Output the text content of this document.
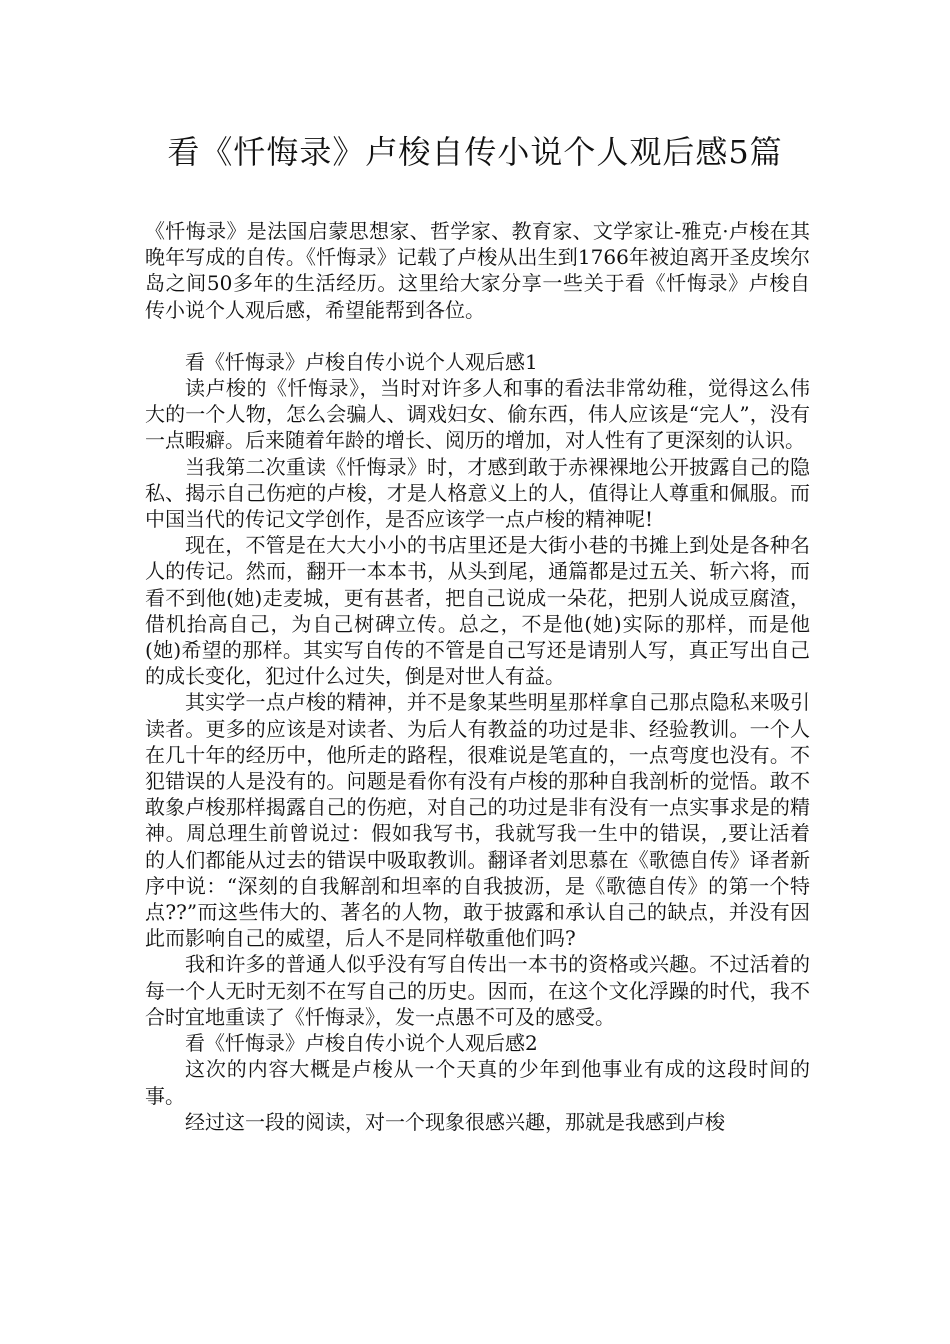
看《忏悔录》卢梭自传小说个人观后感5篇

《忏悔录》是法国启蒙思想家、哲学家、教育家、文学家让-雅克·卢梭在其晚年写成的自传。《忏悔录》记载了卢梭从出生到1766年被迫离开圣皮埃尔岛之间50多年的生活经历。这里给大家分享一些关于看《忏悔录》卢梭自传小说个人观后感，希望能帮到各位。

看《忏悔录》卢梭自传小说个人观后感1

读卢梭的《忏悔录》，当时对许多人和事的看法非常幼稚，觉得这么伟大的一个人物，怎么会骗人、调戏妇女、偷东西，伟人应该是“完人”，没有一点暇癖。后来随着年龄的增长、阅历的增加，对人性有了更深刻的认识。

当我第二次重读《忏悔录》时，才感到敢于赤裸裸地公开披露自己的隐私、揭示自己伤疤的卢梭，才是人格意义上的人，值得让人尊重和佩服。而中国当代的传记文学创作，是否应该学一点卢梭的精神呢!

现在，不管是在大大小小的书店里还是大街小巷的书摊上到处是各种名人的传记。然而，翻开一本本书，从头到尾，通篇都是过五关、斩六将，而看不到他(她)走麦城，更有甚者，把自己说成一朵花，把别人说成豆腐渣，借机抬高自己，为自己树碑立传。总之，不是他(她)实际的那样，而是他(她)希望的那样。其实写自传的不管是自己写还是请别人写，真正写出自己的成长变化，犯过什么过失，倒是对世人有益。

其实学一点卢梭的精神，并不是象某些明星那样拿自己那点隐私来吸引读者。更多的应该是对读者、为后人有教益的功过是非、经验教训。一个人在几十年的经历中，他所走的路程，很难说是笔直的，一点弯度也没有。不犯错误的人是没有的。问题是看你有没有卢梭的那种自我剖析的觉悟。敢不敢象卢梭那样揭露自己的伤疤，对自己的功过是非有没有一点实事求是的精神。周总理生前曾说过：假如我写书，我就写我一生中的错误，,要让活着的人们都能从过去的错误中吸取教训。翻译者刘思慕在《歌德自传》译者新序中说：“深刻的自我解剖和坦率的自我披沥，是《歌德自传》的第一个特点??”而这些伟大的、著名的人物，敢于披露和承认自己的缺点，并没有因此而影响自己的威望，后人不是同样敬重他们吗?

我和许多的普通人似乎没有写自传出一本书的资格或兴趣。不过活着的每一个人无时无刻不在写自己的历史。因而，在这个文化浮躁的时代，我不合时宜地重读了《忏悔录》，发一点愚不可及的感受。

看《忏悔录》卢梭自传小说个人观后感2

这次的内容大概是卢梭从一个天真的少年到他事业有成的这段时间的事。

经过这一段的阅读，对一个现象很感兴趣，那就是我感到卢梭
